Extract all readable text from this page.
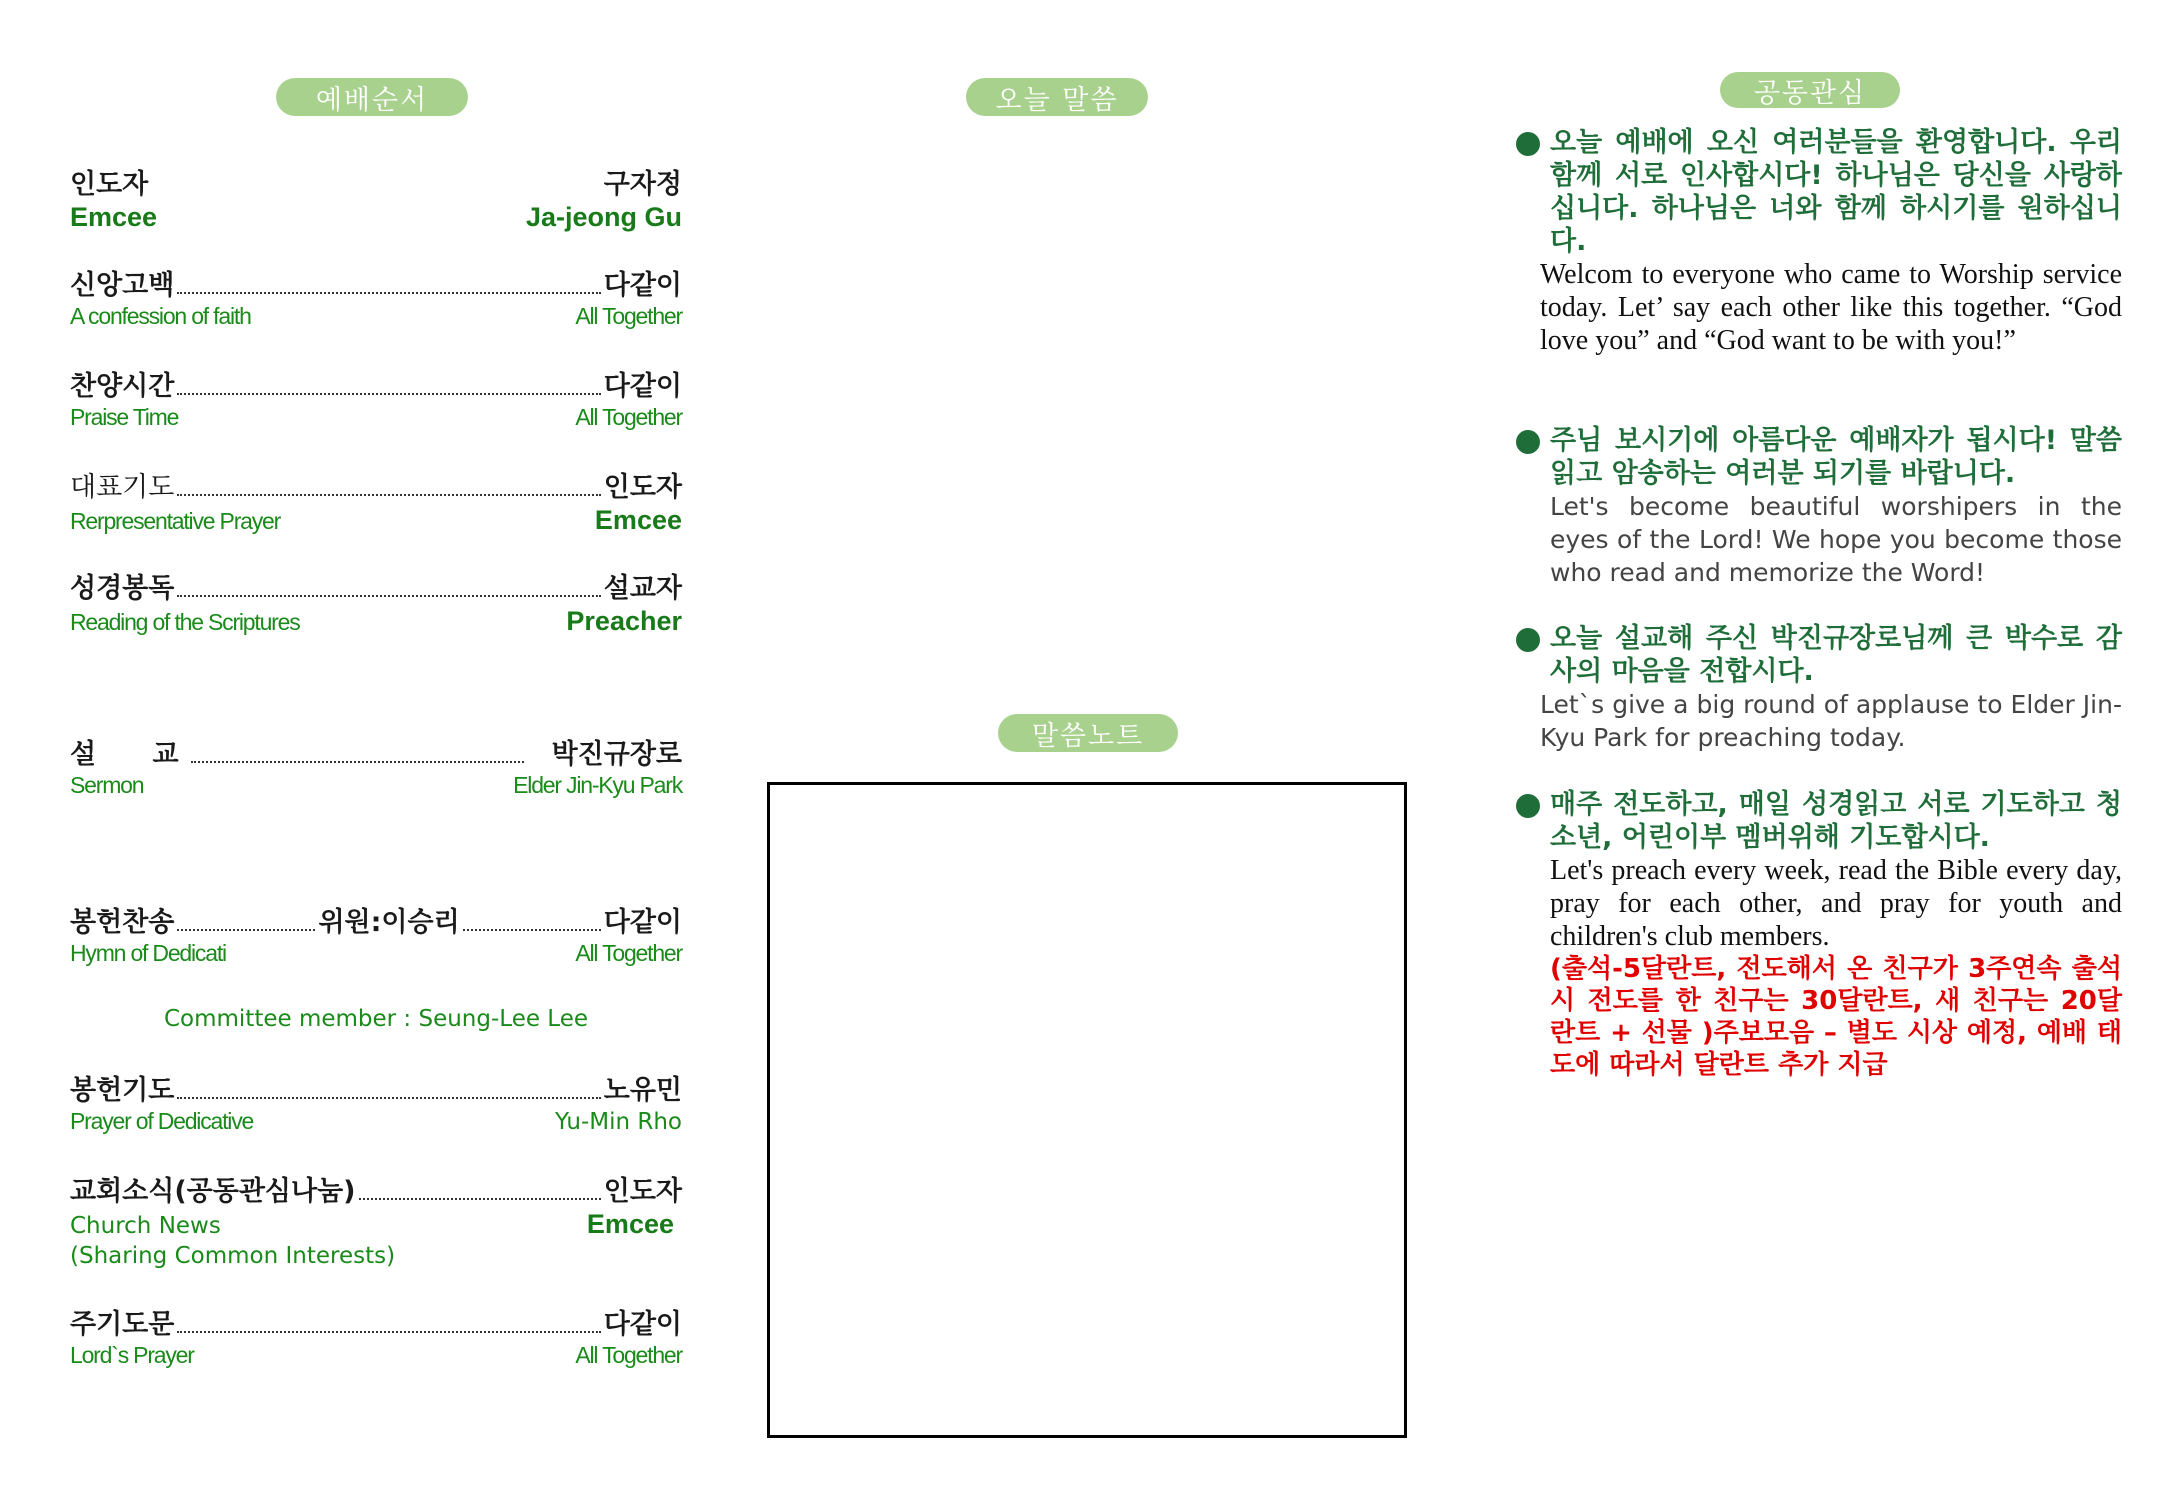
예배순서	오늘 말씀
말씀노트
공동관심
인도자	구자정
Emcee	Ja-jeong Gu
신앙고백	다같이
A confession of faith	All Together
찬양시간	다같이
Praise Time	All Together
대표기도	인도자
Rerpresentative Prayer	Emcee
성경봉독	설교자
Reading of the Scriptures	Preacher
설      교	박진규장로
Sermon	Elder Jin-Kyu Park
봉헌찬송	위원:이승리	다같이
Hymn of Dedicati	All Together
Committee member : Seung-Lee Lee
봉헌기도	노유민
Prayer of Dedicative	Yu-Min Rho
교회소식(공동관심나눔)	인도자
Church News	Emcee
(Sharing Common Interests)
주기도문	다같이
Lord`s Prayer	All Together
오늘 예배에 오신 여러분들을 환영합니다. 우리 함께 서로 인사합시다! 하나님은 당신을 사랑하십니다. 하나님은 너와 함께 하시기를 원하십니다.
Welcom to everyone who came to Worship service today. Let’ say each other like this together. “God love you” and “God want to be with you!”
주님 보시기에 아름다운 예배자가 됩시다! 말씀 읽고 암송하는 여러분 되기를 바랍니다.
Let's become beautiful worshipers in the eyes of the Lord! We hope you become those who read and memorize the Word!
오늘 설교해 주신 박진규장로님께 큰 박수로 감사의 마음을 전합시다.
Let`s give a big round of applause to Elder Jin-Kyu Park for preaching today.
매주 전도하고, 매일 성경읽고 서로 기도하고 청소년, 어린이부 멤버위해 기도합시다.
Let's preach every week, read the Bible every day, pray for each other, and pray for youth and children's club members.
(출석-5달란트, 전도해서 온 친구가 3주연속 출석시 전도를 한 친구는 30달란트, 새 친구는 20달란트 + 선물 )주보모음 – 별도 시상 예정, 예배 태도에 따라서 달란트 추가 지급
